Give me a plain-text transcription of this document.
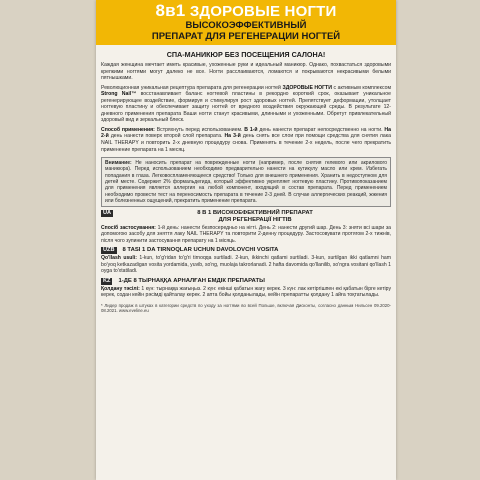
8в1 ЗДОРОВЫЕ НОГТИ
ВЫСОКОЭФФЕКТИВНЫЙ
ПРЕПАРАТ ДЛЯ РЕГЕНЕРАЦИИ НОГТЕЙ
СПА-МАНИКЮР БЕЗ ПОСЕЩЕНИЯ САЛОНА!
Каждая женщина мечтает иметь красивые, ухоженные руки и идеальный маникюр. Однако, похвастаться здоровыми крепкими ногтями могут далеко не все. Ногти расслаиваются, ломаются и покрываются некрасивыми белыми пятнышками.
Революционная уникальная рецептура препарата для регенерации ногтей ЗДОРОВЫЕ НОГТИ с активным комплексом Strong Nail™ восстанавливает баланс ногтевой пластины в рекордно короткий срок, оказывает уникальное регенерирующее воздействие, формируя и стимулируя рост здоровых ногтей. Препятствует деформации, утолщает ногтевую пластину и обеспечивает защиту ногтей от вредного воздействия окружающей среды. В результате 12-дневного применения препарата Ваши ногти станут красивыми, длинными и ухоженными. Обретут привлекательный здоровый вид и зеркальный блеск.
Способ применения: Встряхнуть перед использованием. В 1-й день нанести препарат непосредственно на ногти. На 2-й день нанести поверх второй слой препарата. На 3-й день снять все слои при помощи средства для снятия лака NAIL THERAPY и повторить 2-х дневную процедуру снова. Применять в течение 2-х недель, после чего прекратить применение препарата на 1 месяц.
Внимание: Не наносить препарат на поврежденные ногти (например, после снятия гелевого или акрилового маникюра). Перед использованием необходимо предварительно нанести на кутикулу масло или крем. Избегать попадания в глаза. Легковоспламеняющееся средство! Только для внешнего применения. Хранить в недоступном для детей месте. Содержит 2% формальдегида, который эффективно укрепляет ногтевую пластину. Противопоказанием для применения является аллергия на любой компонент, входящий в состав препарата. Перед применением необходимо провести тест на переносимость препарата в течение 2-3 дней. В случае аллергических реакций, жжения или болезненных ощущений, прекратить применение препарата.
UA	8 В 1 ВИСОКОЕФЕКТИВНИЙ ПРЕПАРАТ
ДЛЯ РЕГЕНЕРАЦІЇ НІГТІВ
Спосіб застосування: 1-й день: нанести безпосередньо на нігті. День 2: нанести другий шар. День 3: зняти всі шари за допомогою засобу для зняття лаку NAIL THERAPY та повторити 2-денну процедуру. Застосовувати протягом 2-х тижнів, після чого зупинити застосування препарату на 1 місяць.
UZB	8 TASI 1 DA TIRNOQLAR UCHUN DAVOLOVCHI VOSITA
Qo'llash usuli: 1-kun, to'g'ridan to'g'ri tirnoqqa surtiladi. 2-kun, ikkinchi qatlami surtiladi. 3-kun, surtilgan ikki qatlamni ham bo'yoq ketkazadigan vosita yordamida, yuvib, so'ng, muolaja takrorlanadi. 2 hafta davomida qo'llanilib, so'ngra vositani qo'llash 1 oyga to'xtatiladi.
KZ	1-ДЕ 8 ТЫРНАҚҚА АРНАЛҒАН ЕМДІК ПРЕПАРАТЫ
Қолдану тәсілі: 1 күн: тырнаққа жағыңыз. 2 күн: екінші қабатын жағу керек. 3 күн: лак кетіргішпен екі қабатын бірге кетіру керек, содан кейін рәсімді қайталау керек. 2 апта бойы қолданылады, кейін препаратты қолдану 1 айға тоқтатылады.
* Лидер продаж в штуках в категории средств по уходу за ногтями во всей Польше, включая Дисконты, согласно данным Нильсен 09.2020-08.2021. www.eveline.eu
